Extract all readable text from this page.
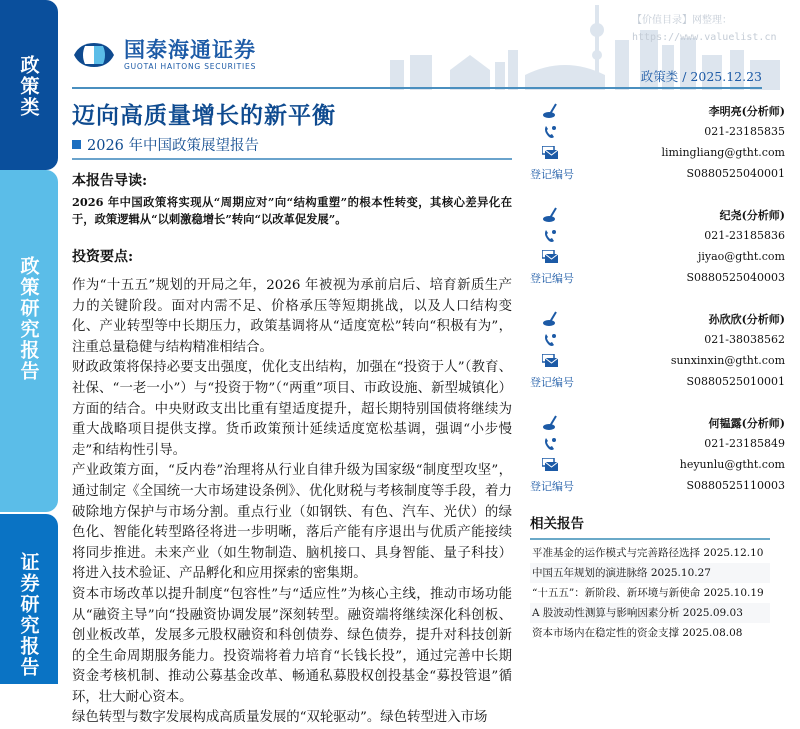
政策类
政策研究报告
证券研究报告
国泰海通证券
GUOTAI HAITONG SECURITIES
【价值目录】网整理：
https://www.valuelist.cn
政策类 / 2025.12.23
迈向高质量增长的新平衡
2026 年中国政策展望报告
本报告导读:
2026 年中国政策将实现从“周期应对”向“结构重塑”的根本性转变，其核心差异化在于，政策逻辑从“以刺激稳增长”转向“以改革促发展”。
投资要点:

作为“十五五”规划的开局之年，2026 年被视为承前启后、培育新质生产力的关键阶段。面对内需不足、价格承压等短期挑战，以及人口结构变化、产业转型等中长期压力，政策基调将从“适度宽松”转向“积极有为”，注重总量稳健与结构精准相结合。

财政政策将保持必要支出强度，优化支出结构，加强在“投资于人”（教育、社保、“一老一小”）与“投资于物”（“两重”项目、市政设施、新型城镇化）方面的结合。中央财政支出比重有望适度提升，超长期特别国债将继续为重大战略项目提供支撑。货币政策预计延续适度宽松基调，强调“小步慢走”和结构性引导。

产业政策方面，“反内卷”治理将从行业自律升级为国家级“制度型攻坚”，通过制定《全国统一大市场建设条例》、优化财税与考核制度等手段，着力破除地方保护与市场分割。重点行业（如钢铁、有色、汽车、光伏）的绿色化、智能化转型路径将进一步明晰，落后产能有序退出与优质产能接续将同步推进。未来产业（如生物制造、脑机接口、具身智能、量子科技）将进入技术验证、产品孵化和应用探索的密集期。

资本市场改革以提升制度“包容性”与“适应性”为核心主线，推动市场功能从“融资主导”向“投融资协调发展”深刻转型。融资端将继续深化科创板、创业板改革，发展多元股权融资和科创债券、绿色债券，提升对科技创新的全生命周期服务能力。投资端将着力培育“长钱长投”，通过完善中长期资金考核机制、推动公募基金改革、畅通私募股权创投基金“募投管退”循环，壮大耐心资本。

绿色转型与数字发展构成高质量发展的“双轮驱动”。绿色转型进入市场

李明亮(分析师)
021-23185835
limingliang@gtht.com
登记编号	S0880525040001
纪尧(分析师)
021-23185836
jiyao@gtht.com
登记编号	S0880525040003
孙欣欣(分析师)
021-38038562
sunxinxin@gtht.com
登记编号	S0880525010001
何韫露(分析师)
021-23185849
heyunlu@gtht.com
登记编号	S0880525110003
相关报告
平准基金的运作模式与完善路径选择 2025.12.10
中国五年规划的演进脉络 2025.10.27
“十五五”：新阶段、新环境与新使命 2025.10.19
A 股波动性测算与影响因素分析 2025.09.03
资本市场内在稳定性的资金支撑 2025.08.08
